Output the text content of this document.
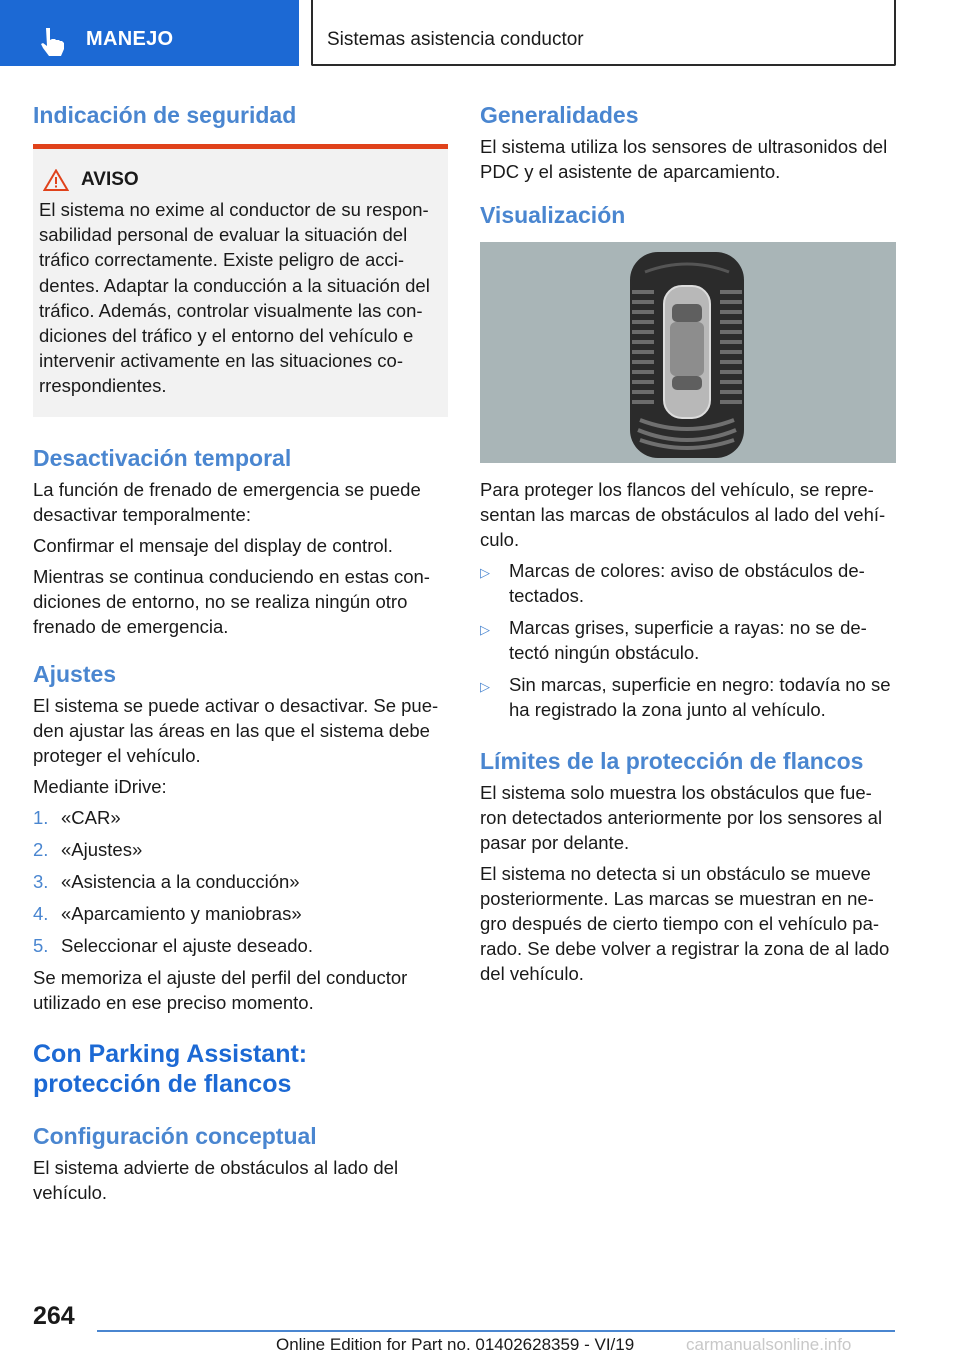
MANEJO	Sistemas asistencia conductor
Indicación de seguridad
AVISO

El sistema no exime al conductor de su respon-sabilidad personal de evaluar la situación del tráfico correctamente. Existe peligro de acci-dentes. Adaptar la conducción a la situación del tráfico. Además, controlar visualmente las con-diciones del tráfico y el entorno del vehículo e intervenir activamente en las situaciones co-rrespondientes.

Desactivación temporal

La función de frenado de emergencia se puede desactivar temporalmente:

Confirmar el mensaje del display de control.

Mientras se continua conduciendo en estas con-diciones de entorno, no se realiza ningún otro frenado de emergencia.

Ajustes

El sistema se puede activar o desactivar. Se pue-den ajustar las áreas en las que el sistema debe proteger el vehículo.

Mediante iDrive:

1. «CAR»
2. «Ajustes»
3. «Asistencia a la conducción»
4. «Aparcamiento y maniobras»
5. Seleccionar el ajuste deseado.

Se memoriza el ajuste del perfil del conductor utilizado en ese preciso momento.

Con Parking Assistant:
protección de flancos
Configuración conceptual

El sistema advierte de obstáculos al lado del vehículo.

Generalidades

El sistema utiliza los sensores de ultrasonidos del PDC y el asistente de aparcamiento.

Visualización

Para proteger los flancos del vehículo, se repre-sentan las marcas de obstáculos al lado del vehí-culo.

▷	Marcas de colores: aviso de obstáculos de-tectados.
▷	Marcas grises, superficie a rayas: no se de-tectó ningún obstáculo.
▷	Sin marcas, superficie en negro: todavía no se ha registrado la zona junto al vehículo.
Límites de la protección de flancos

El sistema solo muestra los obstáculos que fue-ron detectados anteriormente por los sensores al pasar por delante.

El sistema no detecta si un obstáculo se mueve posteriormente. Las marcas se muestran en ne-gro después de cierto tiempo con el vehículo pa-rado. Se debe volver a registrar la zona de al lado del vehículo.

264
Online Edition for Part no. 01402628359 - VI/19	carmanualsonline.info
